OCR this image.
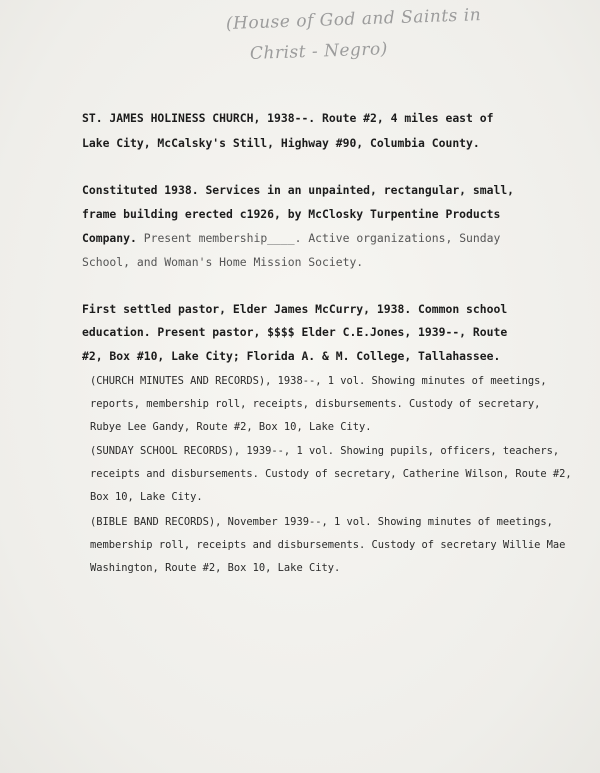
(House of God and Saints in
Christ - Negro)
ST. JAMES HOLINESS CHURCH, 1938--. Route #2, 4 miles east of
Lake City, McCalsky's Still, Highway #90, Columbia County.
Constituted 1938. Services in an unpainted, rectangular, small,
frame building erected c1926, by McClosky Turpentine Products
Company. Present membership____. Active organizations, Sunday
School, and Woman's Home Mission Society.
First settled pastor, Elder James McCurry, 1938. Common school
education. Present pastor, $$$$ Elder C.E.Jones, 1939--, Route
#2, Box #10, Lake City; Florida A. & M. College, Tallahassee.
(CHURCH MINUTES AND RECORDS), 1938--, 1 vol. Showing minutes of meetings,
reports, membership roll, receipts, disbursements. Custody of secretary,
Rubye Lee Gandy, Route #2, Box 10, Lake City.
(SUNDAY SCHOOL RECORDS), 1939--, 1 vol. Showing pupils, officers, teachers,
receipts and disbursements. Custody of secretary, Catherine Wilson, Route #2,
Box 10, Lake City.
(BIBLE BAND RECORDS), November 1939--, 1 vol. Showing minutes of meetings,
membership roll, receipts and disbursements. Custody of secretary Willie Mae
Washington, Route #2, Box 10, Lake City.
